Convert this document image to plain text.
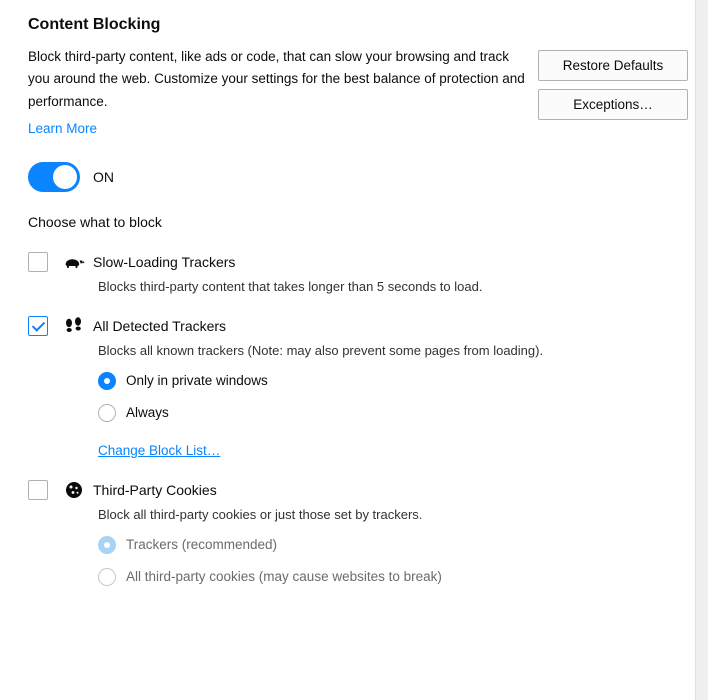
Content Blocking

Block third-party content, like ads or code, that can slow your browsing and track you around the web. Customize your settings for the best balance of protection and performance.

Learn More
ON
Choose what to block
Slow-Loading Trackers
Blocks third-party content that takes longer than 5 seconds to load.
All Detected Trackers
Blocks all known trackers (Note: may also prevent some pages from loading).
Only in private windows
Always
Change Block List…
Third-Party Cookies
Block all third-party cookies or just those set by trackers.
Trackers (recommended)
All third-party cookies (may cause websites to break)
Restore Defaults
Exceptions…
